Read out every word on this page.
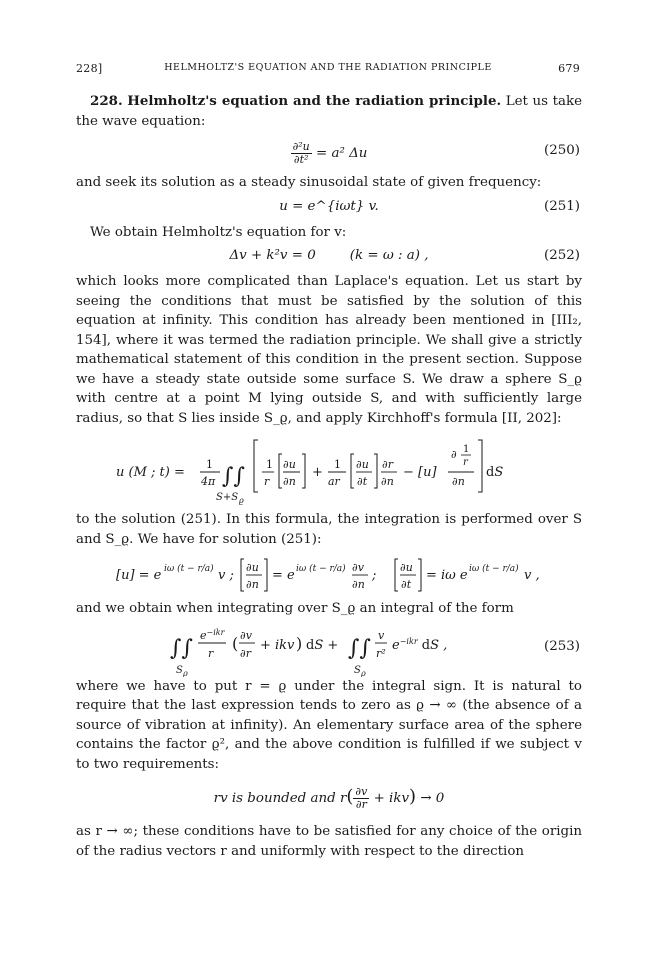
228]	HELMHOLTZ'S EQUATION AND THE RADIATION PRINCIPLE	679

228. Helmholtz's equation and the radiation principle. Let us take the wave equation:

$\frac{\text{∂²u}}{\text{∂t²}} = a^2$ Δu	(250)

and seek its solution as a steady sinusoidal state of given frequency:

u = e^{iωt} v.	(251)

We obtain Helmholtz's equation for v:

Δv + k²v = 0        (k = ω : a) ,	(252)

which looks more complicated than Laplace's equation. Let us start by seeing the conditions that must be satisfied by the solution of this equation at infinity. This condition has already been mentioned in [III₂, 154], where it was termed the radiation principle. We shall give a strictly mathematical statement of this condition in the present section. Suppose we have a steady state outside some surface S. We draw a sphere S_ϱ with centre at a point M lying outside S, and with sufficiently large radius, so that S lies inside S_ϱ, and apply Kirchhoff's formula [II, 202]:

u (M ; t) =
1
4π ∫∫
S+S ϱ
1
r
∂u
∂n
+
1
ar
∂u
∂t
∂r
∂n
− [u]
∂ 1
r
∂n
dS

to the solution (251). In this formula, the integration is performed over S and S_ϱ. We have for solution (251):

[u] = e iω (t − r/a) v ;
∂u
∂n
= e iω (t − r/a) ∂v
∂n
;
∂u
∂t
= iω e iω (t − r/a) v ,

and we obtain when integrating over S_ϱ an integral of the form

∫∫
S ϱ
$e^{-ikr}$
r
( ∂v
∂r
+ ikv ) dS + ∫∫
S ϱ
v
r²
$e^{-ikr}$ dS ,	(253)

where we have to put r = ϱ under the integral sign. It is natural to require that the last expression tends to zero as ϱ → ∞ (the absence of a source of vibration at infinity). An elementary surface area of the sphere contains the factor ϱ², and the above condition is fulfilled if we subject v to two requirements:

rv is bounded and $r( \frac{\partial v}{\partial r} + ikv) \to 0$

as r → ∞; these conditions have to be satisfied for any choice of the origin of the radius vectors r and uniformly with respect to the direction
